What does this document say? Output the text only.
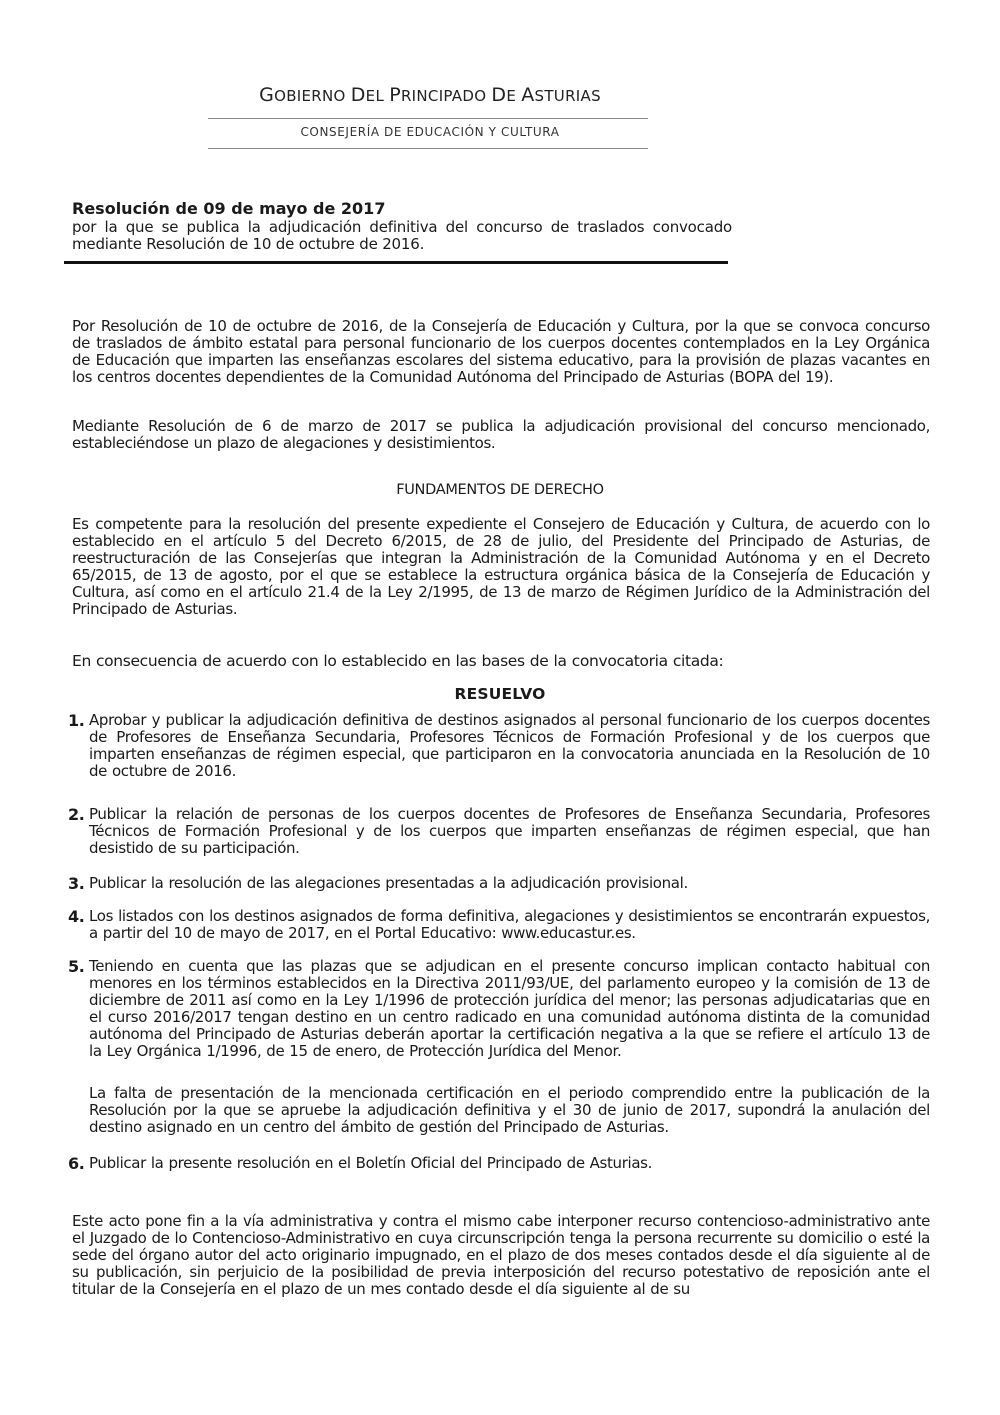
GOBIERNO DEL PRINCIPADO DE ASTURIAS
CONSEJERÍA DE EDUCACIÓN Y CULTURA
Resolución de 09 de mayo de 2017
por la que se publica la adjudicación definitiva del concurso de traslados convocado mediante Resolución de 10 de octubre de 2016.
Por Resolución de 10 de octubre de 2016, de la Consejería de Educación y Cultura, por la que se convoca concurso de traslados de ámbito estatal para personal funcionario de los cuerpos docentes contemplados en la Ley Orgánica de Educación que imparten las enseñanzas escolares del sistema educativo, para la provisión de plazas vacantes en los centros docentes dependientes de la Comunidad Autónoma del Principado de Asturias (BOPA del 19).
Mediante Resolución de 6 de marzo de 2017 se publica la adjudicación provisional del concurso mencionado, estableciéndose un plazo de alegaciones y desistimientos.
FUNDAMENTOS DE DERECHO
Es competente para la resolución del presente expediente el Consejero de Educación y Cultura, de acuerdo con lo establecido en el artículo 5 del Decreto 6/2015, de 28 de julio, del Presidente del Principado de Asturias, de reestructuración de las Consejerías que integran la Administración de la Comunidad Autónoma y en el Decreto 65/2015, de 13 de agosto, por el que se establece la estructura orgánica básica de la Consejería de Educación y Cultura, así como en el artículo 21.4 de la Ley 2/1995, de 13 de marzo de Régimen Jurídico de la Administración del Principado de Asturias.
En consecuencia de acuerdo con lo establecido en las bases de la convocatoria citada:
RESUELVO
1. Aprobar y publicar la adjudicación definitiva de destinos asignados al personal funcionario de los cuerpos docentes de Profesores de Enseñanza Secundaria, Profesores Técnicos de Formación Profesional y de los cuerpos que imparten enseñanzas de régimen especial, que participaron en la convocatoria anunciada en la Resolución de 10 de octubre de 2016.
2. Publicar la relación de personas de los cuerpos docentes de Profesores de Enseñanza Secundaria, Profesores Técnicos de Formación Profesional y de los cuerpos que imparten enseñanzas de régimen especial, que han desistido de su participación.
3. Publicar la resolución de las alegaciones presentadas a la adjudicación provisional.
4. Los listados con los destinos asignados de forma definitiva, alegaciones y desistimientos se encontrarán expuestos, a partir del 10 de mayo de 2017, en el Portal Educativo: www.educastur.es.
5. Teniendo en cuenta que las plazas que se adjudican en el presente concurso implican contacto habitual con menores en los términos establecidos en la Directiva 2011/93/UE, del parlamento europeo y la comisión de 13 de diciembre de 2011 así como en la Ley 1/1996 de protección jurídica del menor; las personas adjudicatarias que en el curso 2016/2017 tengan destino en un centro radicado en una comunidad autónoma distinta de la comunidad autónoma del Principado de Asturias deberán aportar la certificación negativa a la que se refiere el artículo 13 de la Ley Orgánica 1/1996, de 15 de enero, de Protección Jurídica del Menor.
La falta de presentación de la mencionada certificación en el periodo comprendido entre la publicación de la Resolución por la que se apruebe la adjudicación definitiva y el 30 de junio de 2017, supondrá la anulación del destino asignado en un centro del ámbito de gestión del Principado de Asturias.
6. Publicar la presente resolución en el Boletín Oficial del Principado de Asturias.
Este acto pone fin a la vía administrativa y contra el mismo cabe interponer recurso contencioso-administrativo ante el Juzgado de lo Contencioso-Administrativo en cuya circunscripción tenga la persona recurrente su domicilio o esté la sede del órgano autor del acto originario impugnado, en el plazo de dos meses contados desde el día siguiente al de su publicación, sin perjuicio de la posibilidad de previa interposición del recurso potestativo de reposición ante el titular de la Consejería en el plazo de un mes contado desde el día siguiente al de su
